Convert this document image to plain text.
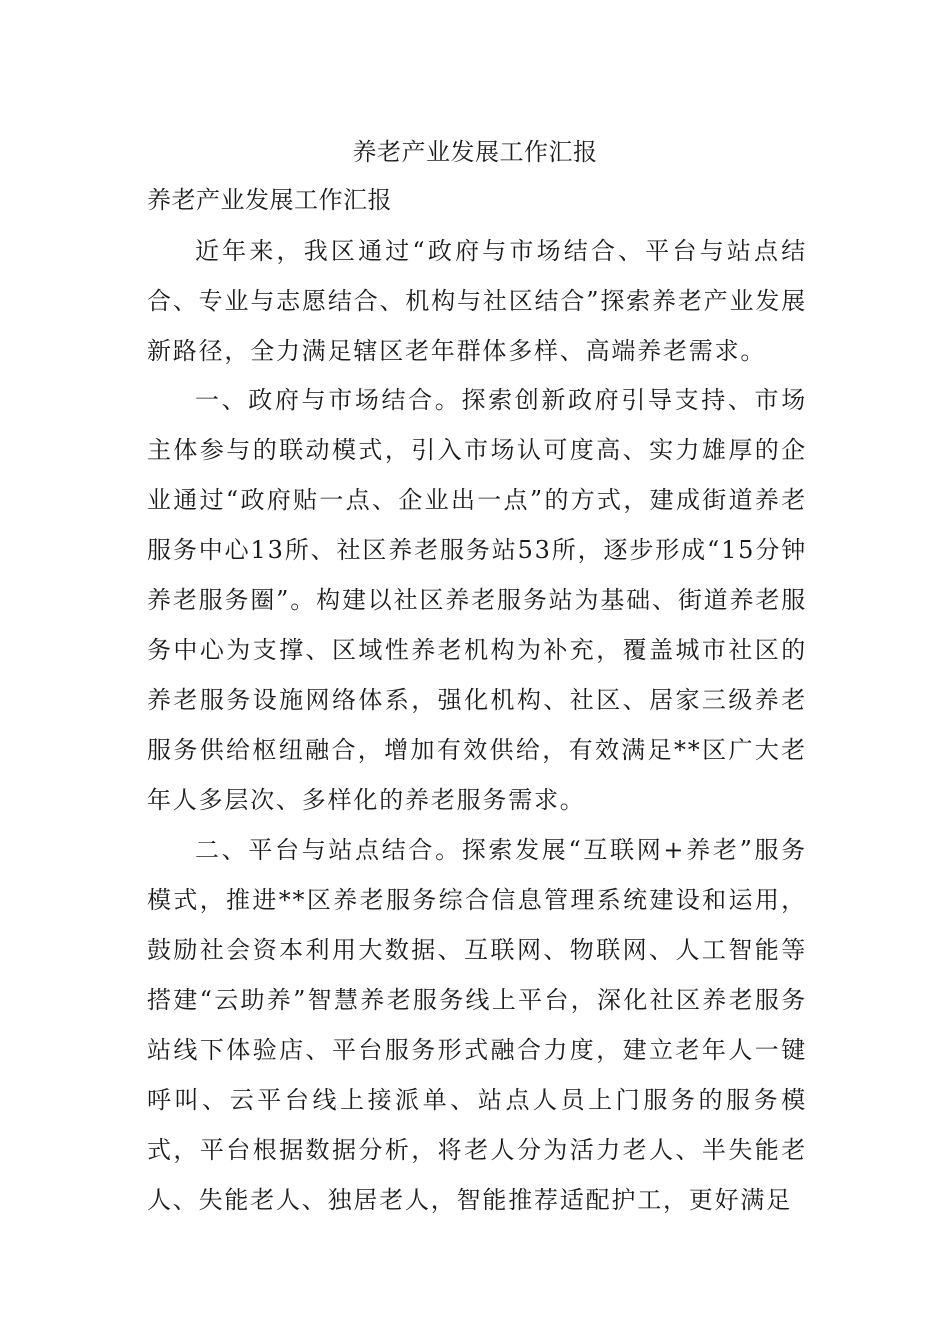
养老产业发展工作汇报
养老产业发展工作汇报

近年来，我区通过“政府与市场结合、平台与站点结合、专业与志愿结合、机构与社区结合”探索养老产业发展新路径，全力满足辖区老年群体多样、高端养老需求。

一、政府与市场结合。探索创新政府引导支持、市场主体参与的联动模式，引入市场认可度高、实力雄厚的企业通过“政府贴一点、企业出一点”的方式，建成街道养老服务中心13所、社区养老服务站53所，逐步形成“15分钟养老服务圈”。构建以社区养老服务站为基础、街道养老服务中心为支撑、区域性养老机构为补充，覆盖城市社区的养老服务设施网络体系，强化机构、社区、居家三级养老服务供给枢纽融合，增加有效供给，有效满足**区广大老年人多层次、多样化的养老服务需求。

二、平台与站点结合。探索发展“互联网+养老”服务模式，推进**区养老服务综合信息管理系统建设和运用，鼓励社会资本利用大数据、互联网、物联网、人工智能等搭建“云助养”智慧养老服务线上平台，深化社区养老服务站线下体验店、平台服务形式融合力度，建立老年人一键呼叫、云平台线上接派单、站点人员上门服务的服务模式，平台根据数据分析，将老人分为活力老人、半失能老人、失能老人、独居老人，智能推荐适配护工，更好满足
